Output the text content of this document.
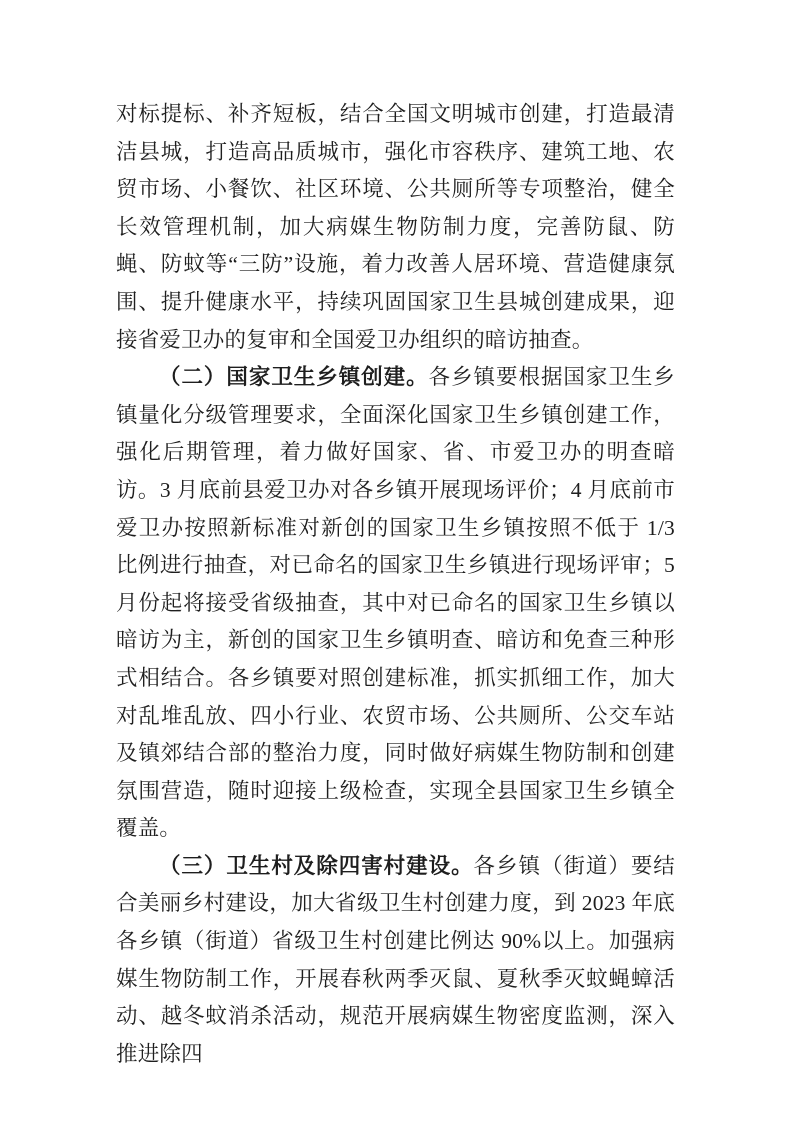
对标提标、补齐短板，结合全国文明城市创建，打造最清洁县城，打造高品质城市，强化市容秩序、建筑工地、农贸市场、小餐饮、社区环境、公共厕所等专项整治，健全长效管理机制，加大病媒生物防制力度，完善防鼠、防蝇、防蚊等“三防”设施，着力改善人居环境、营造健康氛围、提升健康水平，持续巩固国家卫生县城创建成果，迎接省爱卫办的复审和全国爱卫办组织的暗访抽查。

（二）国家卫生乡镇创建。各乡镇要根据国家卫生乡镇量化分级管理要求，全面深化国家卫生乡镇创建工作，强化后期管理，着力做好国家、省、市爱卫办的明查暗访。3 月底前县爱卫办对各乡镇开展现场评价；4 月底前市爱卫办按照新标准对新创的国家卫生乡镇按照不低于 1/3 比例进行抽查，对已命名的国家卫生乡镇进行现场评审；5 月份起将接受省级抽查，其中对已命名的国家卫生乡镇以暗访为主，新创的国家卫生乡镇明查、暗访和免查三种形式相结合。各乡镇要对照创建标准，抓实抓细工作，加大对乱堆乱放、四小行业、农贸市场、公共厕所、公交车站及镇郊结合部的整治力度，同时做好病媒生物防制和创建氛围营造，随时迎接上级检查，实现全县国家卫生乡镇全覆盖。

（三）卫生村及除四害村建设。各乡镇（街道）要结合美丽乡村建设，加大省级卫生村创建力度，到 2023 年底各乡镇（街道）省级卫生村创建比例达 90%以上。加强病媒生物防制工作，开展春秋两季灭鼠、夏秋季灭蚊蝇蟑活动、越冬蚊消杀活动，规范开展病媒生物密度监测，深入推进除四
